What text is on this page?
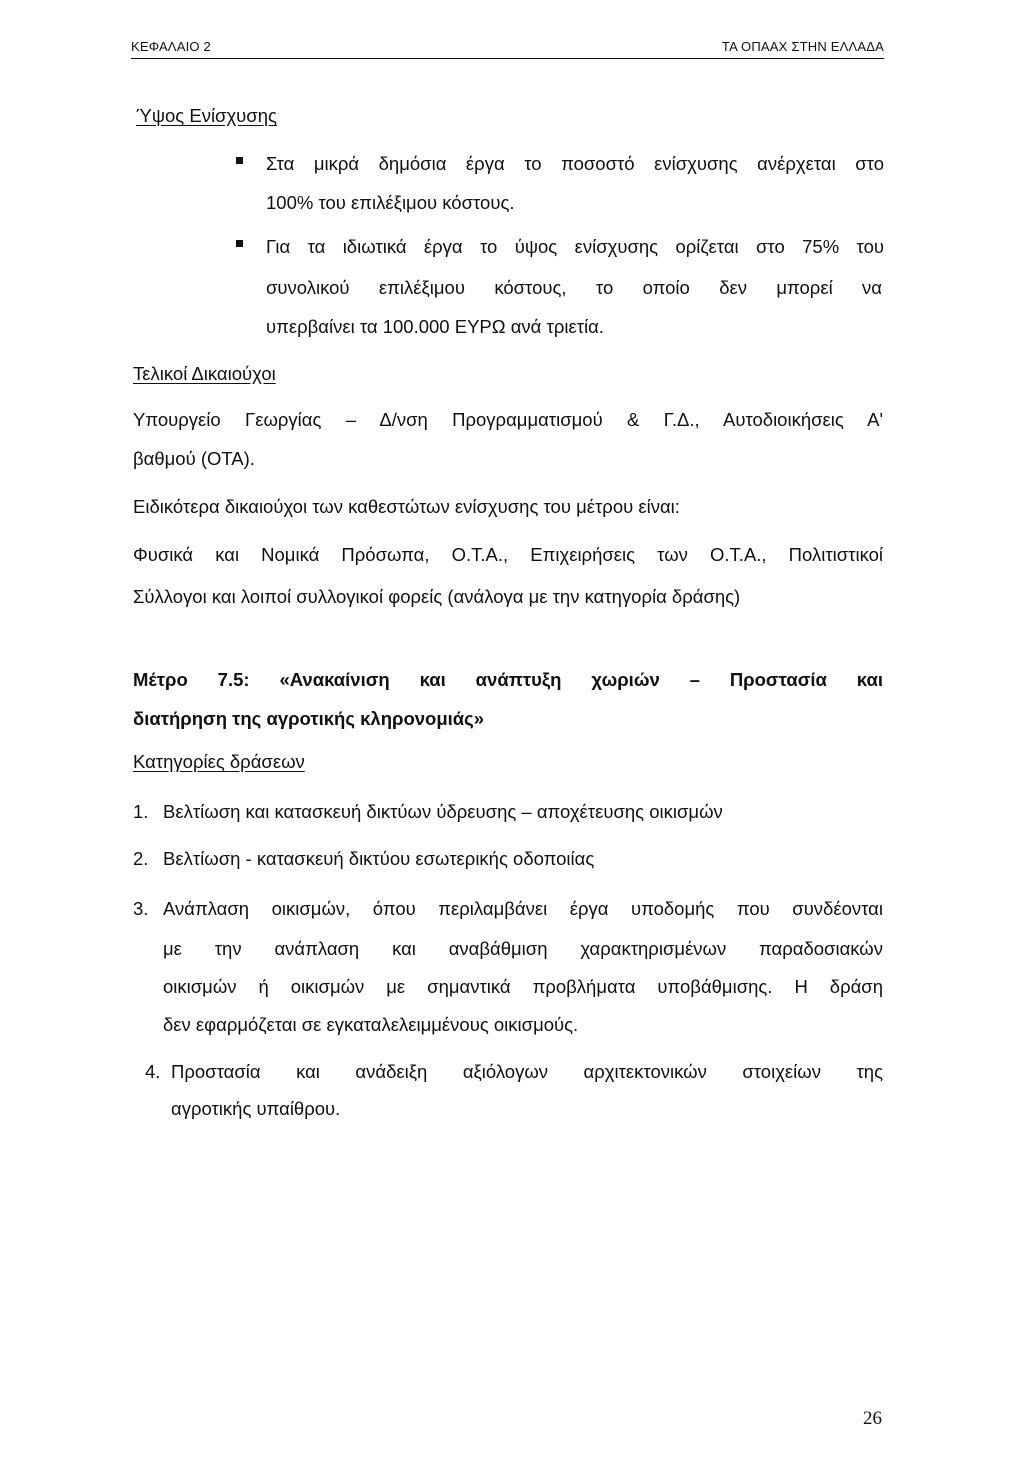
ΚΕΦΑΛΑΙΟ 2	ΤΑ ΟΠΑΑΧ ΣΤΗΝ ΕΛΛΑΔΑ
Ύψος Ενίσχυσης
Στα μικρά δημόσια έργα το ποσοστό ενίσχυσης ανέρχεται στο
100% του επιλέξιμου κόστους.
Για τα ιδιωτικά έργα το ύψος ενίσχυσης ορίζεται στο 75% του
συνολικού επιλέξιμου κόστους, το οποίο δεν μπορεί να
υπερβαίνει τα 100.000 ΕΥΡΩ ανά τριετία.
Τελικοί Δικαιούχοι
Υπουργείο Γεωργίας – Δ/νση Προγραμματισμού & Γ.Δ., Αυτοδιοικήσεις Α'
βαθμού (ΟΤΑ).
Ειδικότερα δικαιούχοι των καθεστώτων ενίσχυσης του μέτρου είναι:
Φυσικά και Νομικά Πρόσωπα, Ο.Τ.Α., Επιχειρήσεις των Ο.Τ.Α., Πολιτιστικοί
Σύλλογοι και λοιποί συλλογικοί φορείς (ανάλογα με την κατηγορία δράσης)
Μέτρο 7.5: «Ανακαίνιση και ανάπτυξη χωριών – Προστασία και
διατήρηση της αγροτικής κληρονομιάς»
Κατηγορίες δράσεων
1. Βελτίωση και κατασκευή δικτύων ύδρευσης – αποχέτευσης οικισμών
2. Βελτίωση - κατασκευή δικτύου εσωτερικής οδοποιίας
3. Ανάπλαση οικισμών, όπου περιλαμβάνει έργα υποδομής που συνδέονται
με την ανάπλαση και αναβάθμιση χαρακτηρισμένων παραδοσιακών
οικισμών ή οικισμών με σημαντικά προβλήματα υποβάθμισης. Η δράση
δεν εφαρμόζεται σε εγκαταλελειμμένους οικισμούς.
4. Προστασία και ανάδειξη αξιόλογων αρχιτεκτονικών στοιχείων της
αγροτικής υπαίθρου.
26
